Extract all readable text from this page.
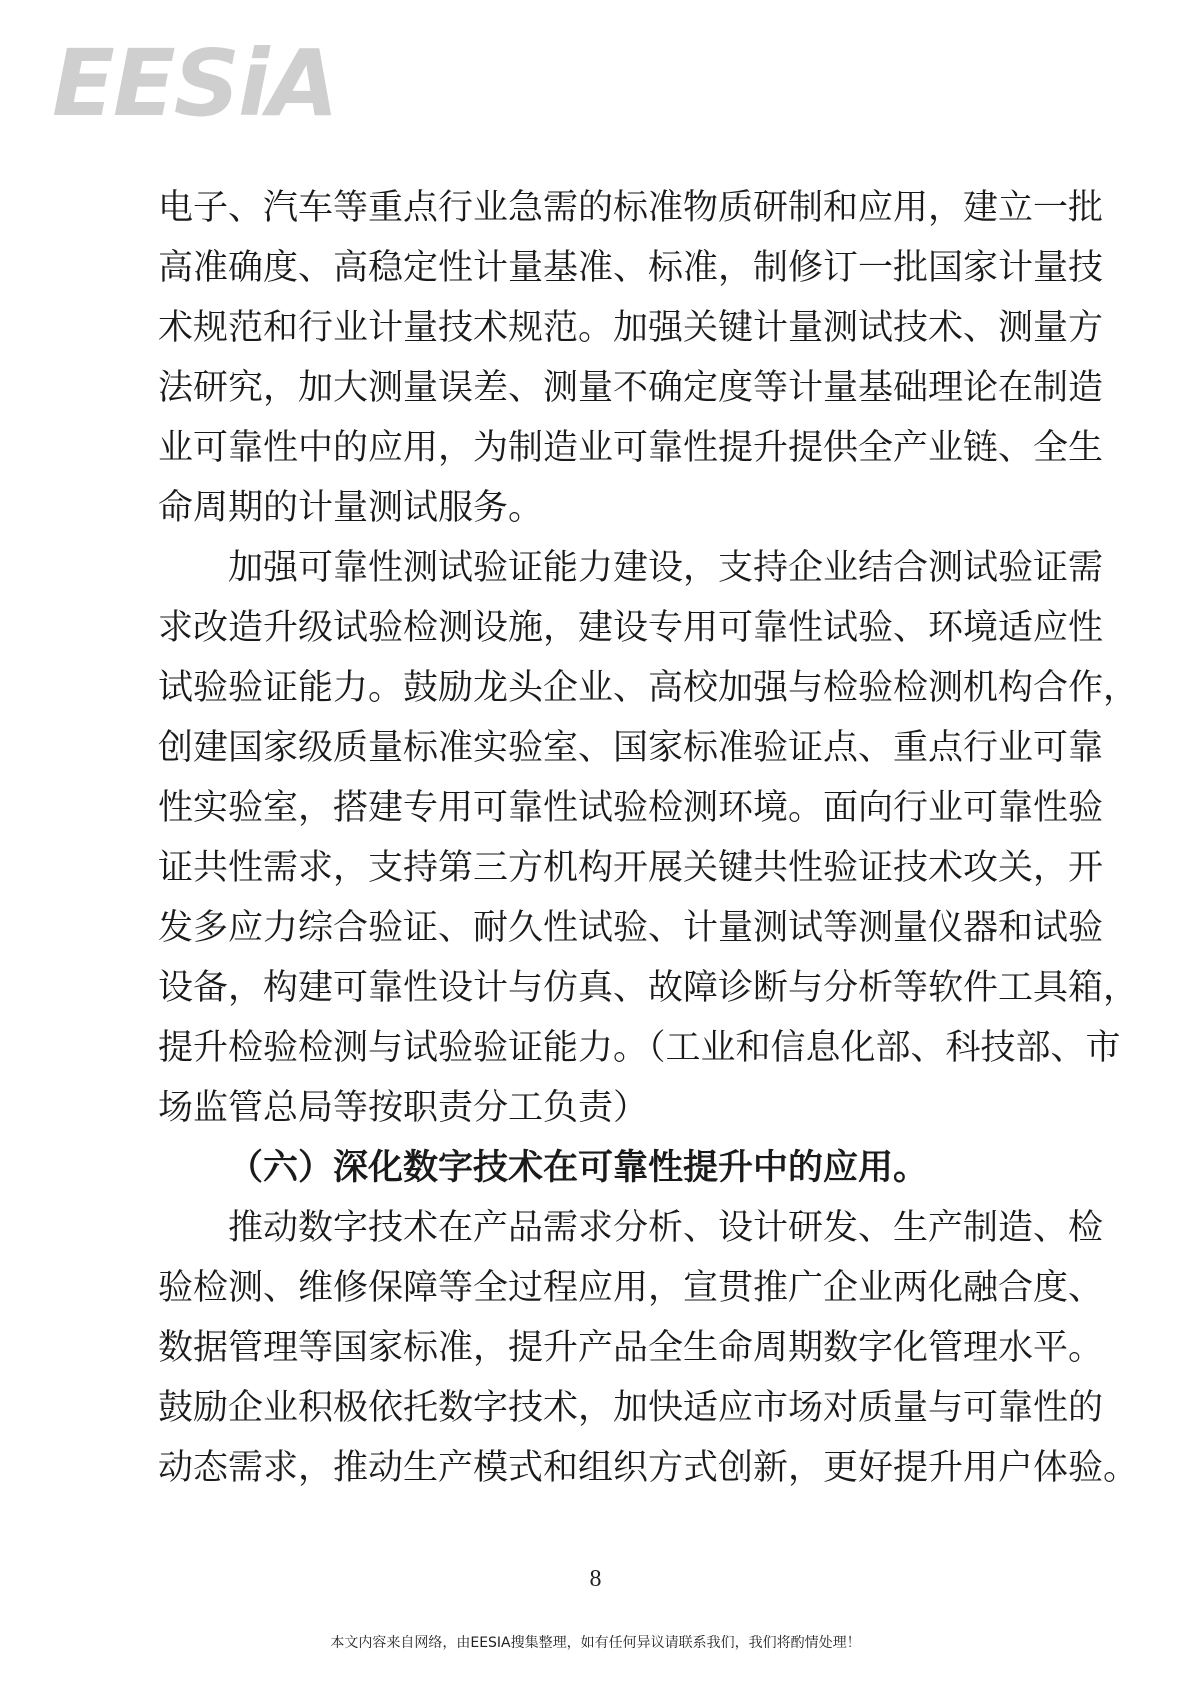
EESiA
电子、汽车等重点行业急需的标准物质研制和应用，建立一批
高准确度、高稳定性计量基准、标准，制修订一批国家计量技
术规范和行业计量技术规范。加强关键计量测试技术、测量方
法研究，加大测量误差、测量不确定度等计量基础理论在制造
业可靠性中的应用，为制造业可靠性提升提供全产业链、全生
命周期的计量测试服务。
加强可靠性测试验证能力建设，支持企业结合测试验证需
求改造升级试验检测设施，建设专用可靠性试验、环境适应性
试验验证能力。鼓励龙头企业、高校加强与检验检测机构合作，
创建国家级质量标准实验室、国家标准验证点、重点行业可靠
性实验室，搭建专用可靠性试验检测环境。面向行业可靠性验
证共性需求，支持第三方机构开展关键共性验证技术攻关，开
发多应力综合验证、耐久性试验、计量测试等测量仪器和试验
设备，构建可靠性设计与仿真、故障诊断与分析等软件工具箱，
提升检验检测与试验验证能力。（工业和信息化部、科技部、市
场监管总局等按职责分工负责）
（六）深化数字技术在可靠性提升中的应用。
推动数字技术在产品需求分析、设计研发、生产制造、检
验检测、维修保障等全过程应用，宣贯推广企业两化融合度、
数据管理等国家标准，提升产品全生命周期数字化管理水平。
鼓励企业积极依托数字技术，加快适应市场对质量与可靠性的
动态需求，推动生产模式和组织方式创新，更好提升用户体验。
8
本文内容来自网络，由EESIA搜集整理，如有任何异议请联系我们，我们将酌情处理！
